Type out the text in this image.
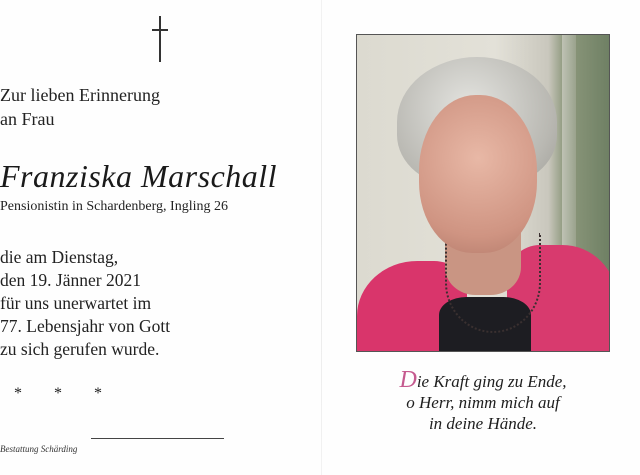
Zur lieben Erinnerung
an Frau
Franziska Marschall
Pensionistin in Schardenberg, Ingling 26
die am Dienstag,
den 19. Jänner 2021
für uns unerwartet im
77. Lebensjahr von Gott
zu sich gerufen wurde.
* * *
Bestattung Schärding
Die Kraft ging zu Ende,
o Herr, nimm mich auf
in deine Hände.
